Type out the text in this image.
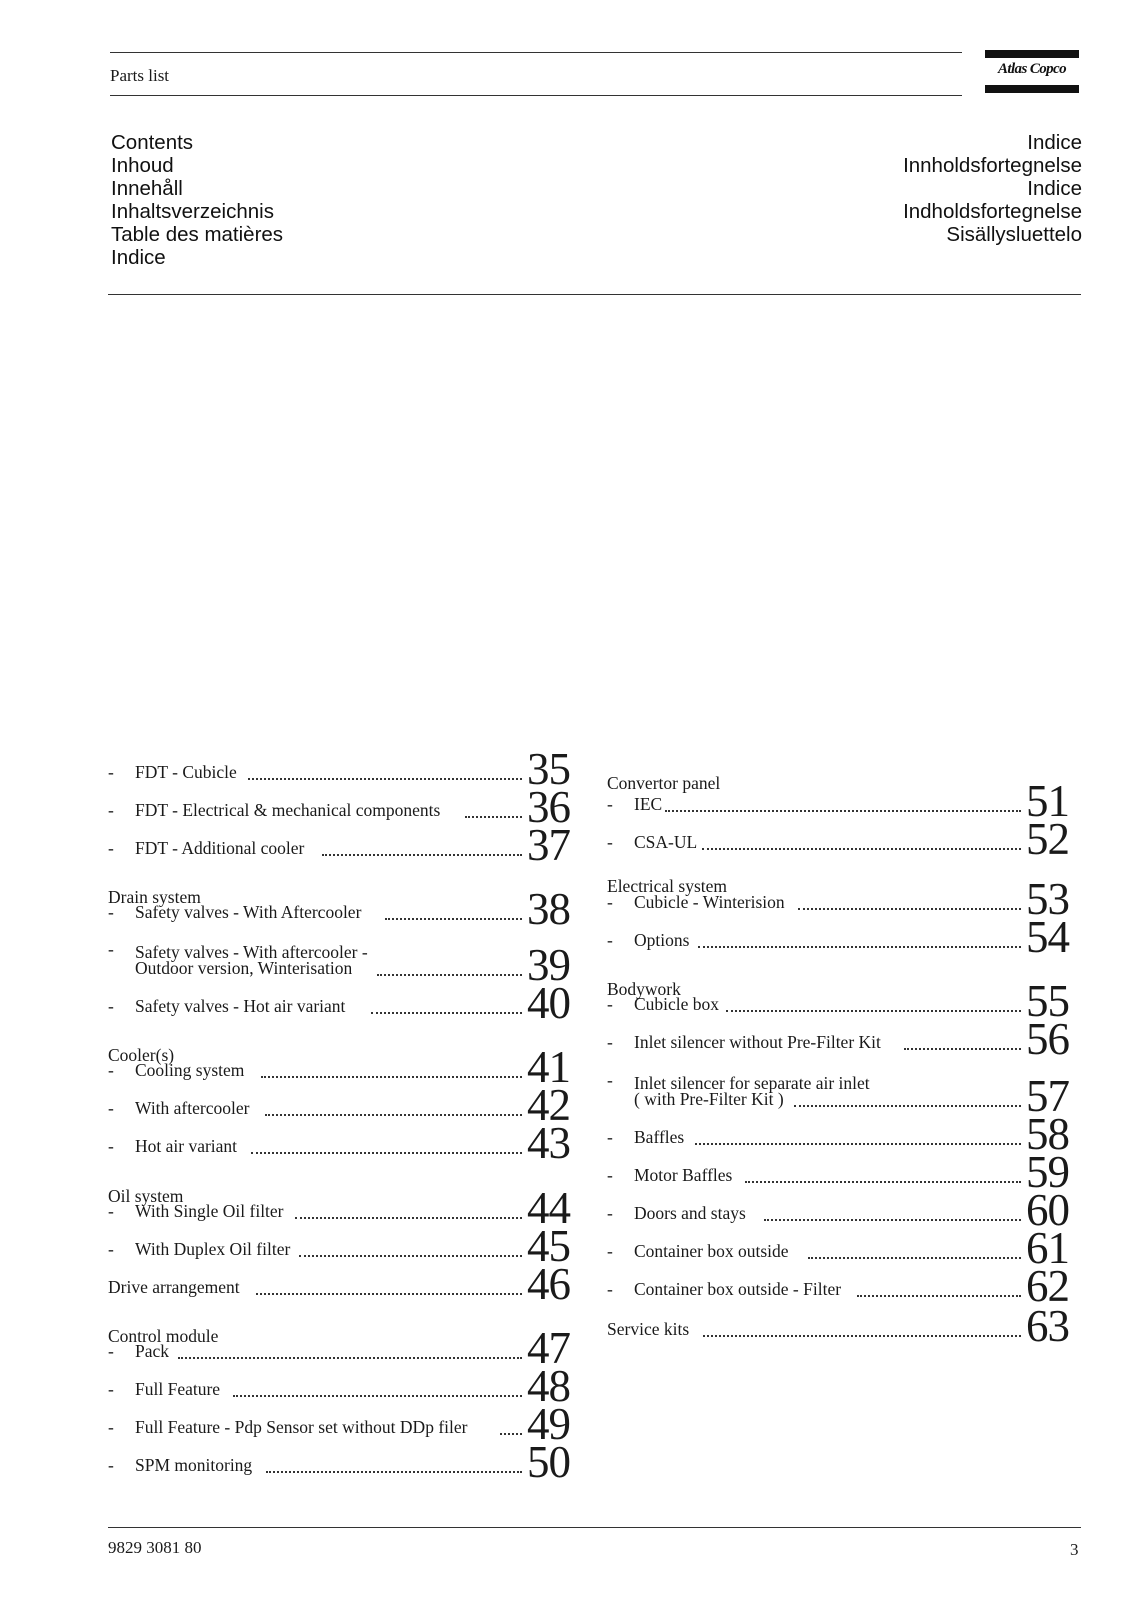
Parts list	Atlas Copco
Contents
Inhoud
Innehåll
Inhaltsverzeichnis
Table des matières
Indice
Indice
Innholdsfortegnelse
Indice
Indholdsfortegnelse
Sisällysluettelo
- FDT - Cubicle	35
- FDT - Electrical & mechanical components 36
- FDT - Additional cooler	37
Drain system
- Safety valves - With Aftercooler	38
- Safety valves - With aftercooler -
Outdoor version, Winterisation	39
- Safety valves - Hot air variant	40
Cooler(s)
- Cooling system	41
- With aftercooler	42
- Hot air variant	43
Oil system
- With Single Oil filter	44
- With Duplex Oil filter	45
Drive arrangement	46
Control module
- Pack	47
- Full Feature	48
- Full Feature - Pdp Sensor set without DDp filer 49
- SPM monitoring	50
Convertor panel
- IEC	51
- CSA-UL	52
Electrical system
- Cubicle - Winterision	53
- Options	54
Bodywork
- Cubicle box	55
- Inlet silencer without Pre-Filter Kit	56
- Inlet silencer for separate air inlet
( with Pre-Filter Kit )	57
- Baffles	58
- Motor Baffles	59
- Doors and stays	60
- Container box outside	61
- Container box outside - Filter	62
Service kits	63
9829 3081 80	3
